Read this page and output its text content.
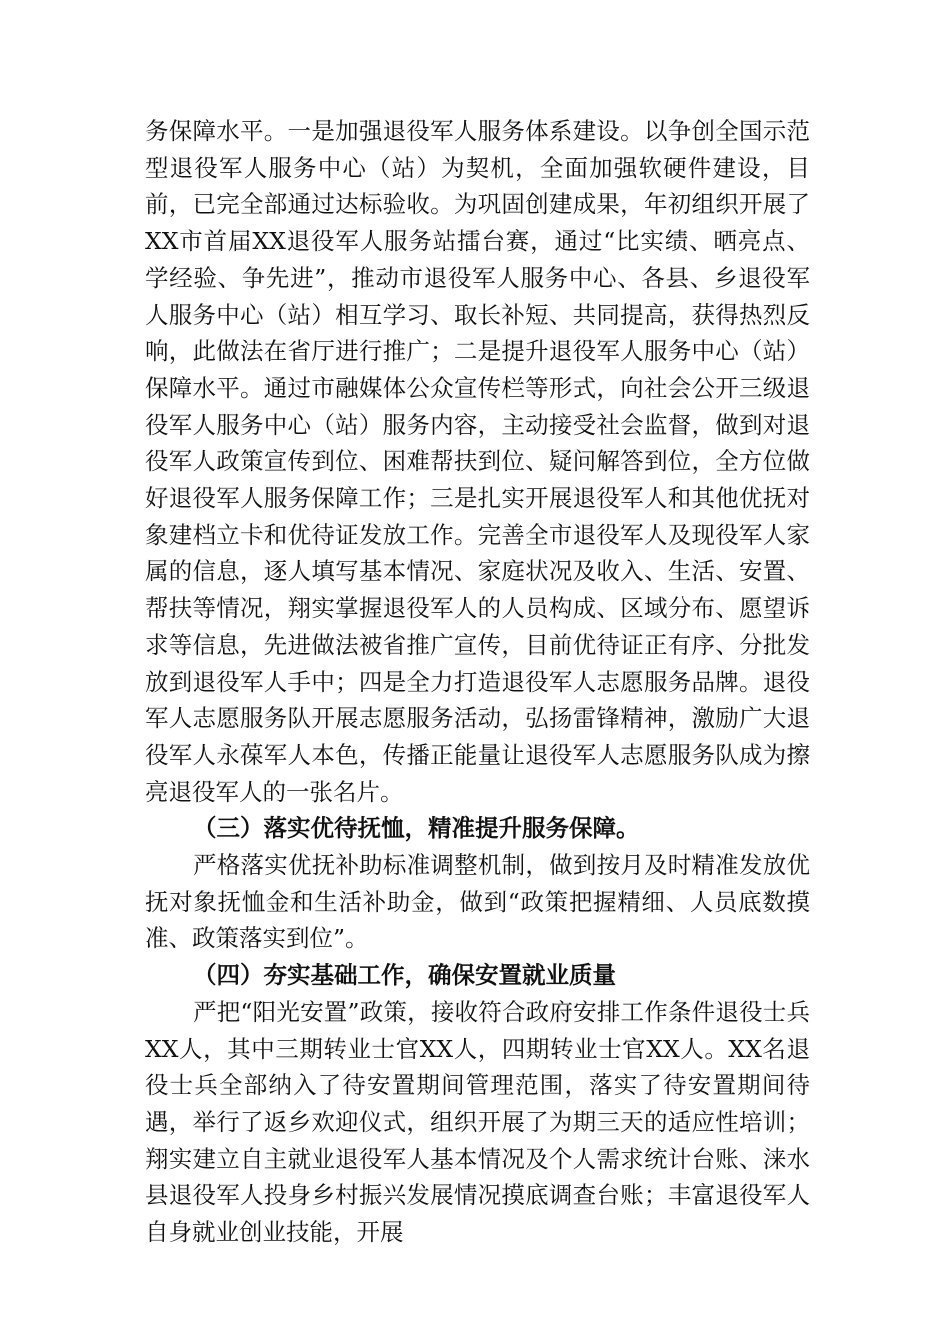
务保障水平。一是加强退役军人服务体系建设。以争创全国示范型退役军人服务中心（站）为契机，全面加强软硬件建设，目前，已完全部通过达标验收。为巩固创建成果，年初组织开展了XX市首届XX退役军人服务站擂台赛，通过“比实绩、晒亮点、学经验、争先进”，推动市退役军人服务中心、各县、乡退役军人服务中心（站）相互学习、取长补短、共同提高，获得热烈反响，此做法在省厅进行推广；二是提升退役军人服务中心（站）保障水平。通过市融媒体公众宣传栏等形式，向社会公开三级退役军人服务中心（站）服务内容，主动接受社会监督，做到对退役军人政策宣传到位、困难帮扶到位、疑问解答到位，全方位做好退役军人服务保障工作；三是扎实开展退役军人和其他优抚对象建档立卡和优待证发放工作。完善全市退役军人及现役军人家属的信息，逐人填写基本情况、家庭状况及收入、生活、安置、帮扶等情况，翔实掌握退役军人的人员构成、区域分布、愿望诉求等信息，先进做法被省推广宣传，目前优待证正有序、分批发放到退役军人手中；四是全力打造退役军人志愿服务品牌。退役军人志愿服务队开展志愿服务活动，弘扬雷锋精神，激励广大退役军人永葆军人本色，传播正能量让退役军人志愿服务队成为擦亮退役军人的一张名片。

（三）落实优待抚恤，精准提升服务保障。

严格落实优抚补助标准调整机制，做到按月及时精准发放优抚对象抚恤金和生活补助金，做到“政策把握精细、人员底数摸准、政策落实到位”。

（四）夯实基础工作，确保安置就业质量

严把“阳光安置”政策，接收符合政府安排工作条件退役士兵XX人，其中三期转业士官XX人，四期转业士官XX人。XX名退役士兵全部纳入了待安置期间管理范围，落实了待安置期间待遇，举行了返乡欢迎仪式，组织开展了为期三天的适应性培训；翔实建立自主就业退役军人基本情况及个人需求统计台账、涞水县退役军人投身乡村振兴发展情况摸底调查台账；丰富退役军人自身就业创业技能，开展
